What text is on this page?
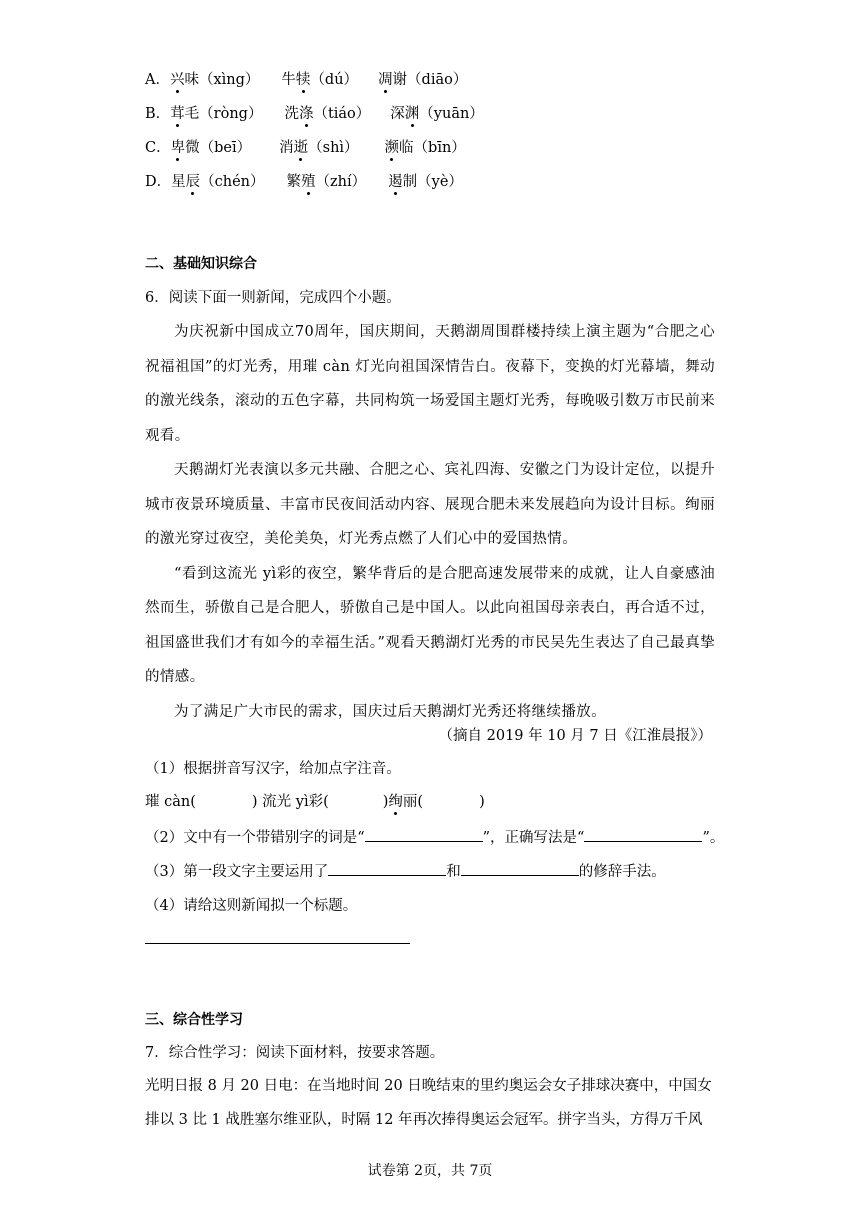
A．兴味（xìng） 牛犊（dú） 凋谢（diāo）
B．茸毛（ròng） 洗涤（tiáo） 深渊（yuān）
C．卑微（beī） 消逝（shì） 濒临（bīn）
D．星辰（chén） 繁殖（zhí） 遏制（yè）
二、基础知识综合
6．阅读下面一则新闻，完成四个小题。

为庆祝新中国成立70周年，国庆期间，天鹅湖周围群楼持续上演主题为“合肥之心祝福祖国”的灯光秀，用璀 càn 灯光向祖国深情告白。夜幕下，变换的灯光幕墙，舞动的激光线条，滚动的五色字幕，共同构筑一场爱国主题灯光秀，每晚吸引数万市民前来观看。

天鹅湖灯光表演以多元共融、合肥之心、宾礼四海、安徽之门为设计定位，以提升城市夜景环境质量、丰富市民夜间活动内容、展现合肥未来发展趋向为设计目标。绚丽的激光穿过夜空，美伦美奂，灯光秀点燃了人们心中的爱国热情。

“看到这流光 yì彩的夜空，繁华背后的是合肥高速发展带来的成就，让人自豪感油然而生，骄傲自己是合肥人，骄傲自己是中国人。以此向祖国母亲表白，再合适不过，祖国盛世我们才有如今的幸福生活。”观看天鹅湖灯光秀的市民吴先生表达了自己最真挚的情感。

为了满足广大市民的需求，国庆过后天鹅湖灯光秀还将继续播放。

（摘自 2019 年 10 月 7 日《江淮晨报》）
（1）根据拼音写汉字，给加点字注音。
璀 càn(	) 流光 yì彩(	)绚丽(	)
（2）文中有一个带错别字的词是“	”，正确写法是“	”。
（3）第一段文字主要运用了	和	的修辞手法。
（4）请给这则新闻拟一个标题。
三、综合性学习
7．综合性学习：阅读下面材料，按要求答题。
光明日报 8 月 20 日电：在当地时间 20 日晚结束的里约奥运会女子排球决赛中，中国女
排以 3 比 1 战胜塞尔维亚队，时隔 12 年再次捧得奥运会冠军。拼字当头，方得万千风
试卷第 2页，共 7页
